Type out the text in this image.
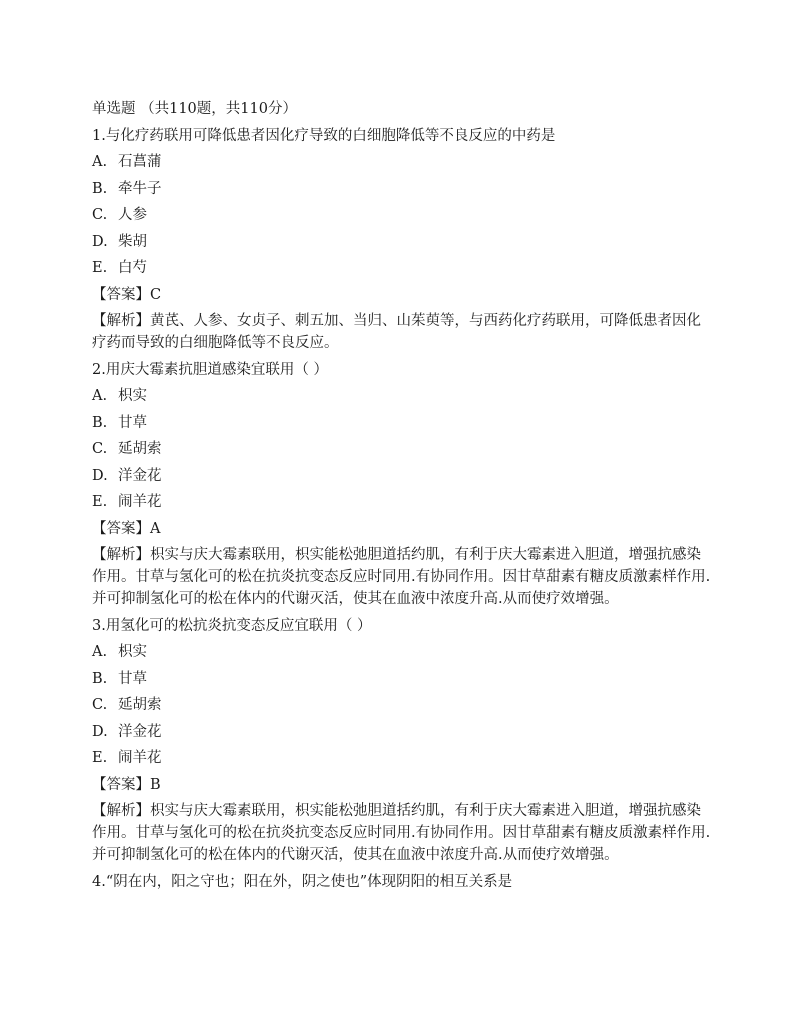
单选题 （共110题，共110分）

1.与化疗药联用可降低患者因化疗导致的白细胞降低等不良反应的中药是

A. 石菖蒲

B. 牵牛子

C. 人参

D. 柴胡

E. 白芍

【答案】C

【解析】黄芪、人参、女贞子、刺五加、当归、山茱萸等，与西药化疗药联用，可降低患者因化疗药而导致的白细胞降低等不良反应。

2.用庆大霉素抗胆道感染宜联用（ ）

A. 枳实

B. 甘草

C. 延胡索

D. 洋金花

E. 闹羊花

【答案】A

【解析】枳实与庆大霉素联用，枳实能松弛胆道括约肌，有利于庆大霉素进入胆道，增强抗感染作用。甘草与氢化可的松在抗炎抗变态反应时同用.有协同作用。因甘草甜素有糖皮质激素样作用.并可抑制氢化可的松在体内的代谢灭活，使其在血液中浓度升高.从而使疗效增强。

3.用氢化可的松抗炎抗变态反应宜联用（ ）

A. 枳实

B. 甘草

C. 延胡索

D. 洋金花

E. 闹羊花

【答案】B

【解析】枳实与庆大霉素联用，枳实能松弛胆道括约肌，有利于庆大霉素进入胆道，增强抗感染作用。甘草与氢化可的松在抗炎抗变态反应时同用.有协同作用。因甘草甜素有糖皮质激素样作用.并可抑制氢化可的松在体内的代谢灭活，使其在血液中浓度升高.从而使疗效增强。

4.“阴在内，阳之守也；阳在外，阴之使也”体现阴阳的相互关系是
